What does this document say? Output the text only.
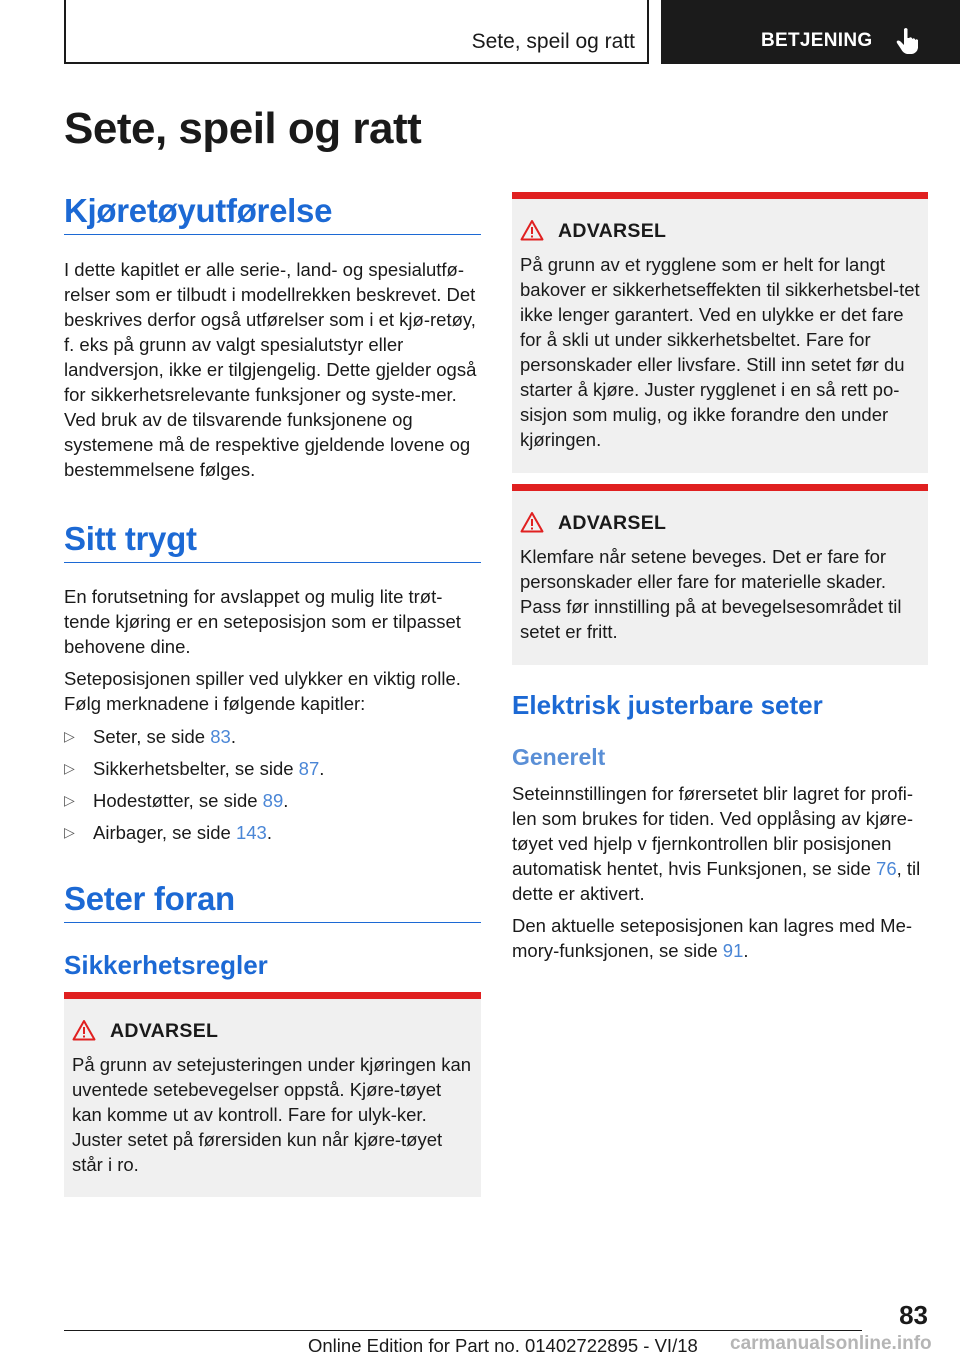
Sete, speil og ratt	BETJENING
Sete, speil og ratt
Kjøretøyutførelse

I dette kapitlet er alle serie-, land- og spesialutfø-relser som er tilbudt i modellrekken beskrevet. Det beskrives derfor også utførelser som i et kjø-retøy, f. eks på grunn av valgt spesialutstyr eller landversjon, ikke er tilgjengelig. Dette gjelder også for sikkerhetsrelevante funksjoner og syste-mer. Ved bruk av de tilsvarende funksjonene og systemene må de respektive gjeldende lovene og bestemmelsene følges.

Sitt trygt

En forutsetning for avslappet og mulig lite trøt-tende kjøring er en seteposisjon som er tilpasset behovene dine.

Seteposisjonen spiller ved ulykker en viktig rolle. Følg merknadene i følgende kapitler:

▷ Seter, se side 83.
▷ Sikkerhetsbelter, se side 87.
▷ Hodestøtter, se side 89.
▷ Airbager, se side 143.
Seter foran
Sikkerhetsregler
ADVARSEL

På grunn av setejusteringen under kjøringen kan uventede setebevegelser oppstå. Kjøre-tøyet kan komme ut av kontroll. Fare for ulyk-ker. Juster setet på førersiden kun når kjøre-tøyet står i ro.

ADVARSEL

På grunn av et rygglene som er helt for langt bakover er sikkerhetseffekten til sikkerhetsbel-tet ikke lenger garantert. Ved en ulykke er det fare for å skli ut under sikkerhetsbeltet. Fare for personskader eller livsfare. Still inn setet før du starter å kjøre. Juster rygglenet i en så rett po-sisjon som mulig, og ikke forandre den under kjøringen.

ADVARSEL

Klemfare når setene beveges. Det er fare for personskader eller fare for materielle skader. Pass før innstilling på at bevegelsesområdet til setet er fritt.

Elektrisk justerbare seter
Generelt

Seteinnstillingen for førersetet blir lagret for profi-len som brukes for tiden. Ved opplåsing av kjøre-tøyet ved hjelp v fjernkontrollen blir posisjonen automatisk hentet, hvis Funksjonen, se side 76, til dette er aktivert.

Den aktuelle seteposisjonen kan lagres med Me-mory-funksjonen, se side 91.

83
Online Edition for Part no. 01402722895 - VI/18 carmanualsonline.info
